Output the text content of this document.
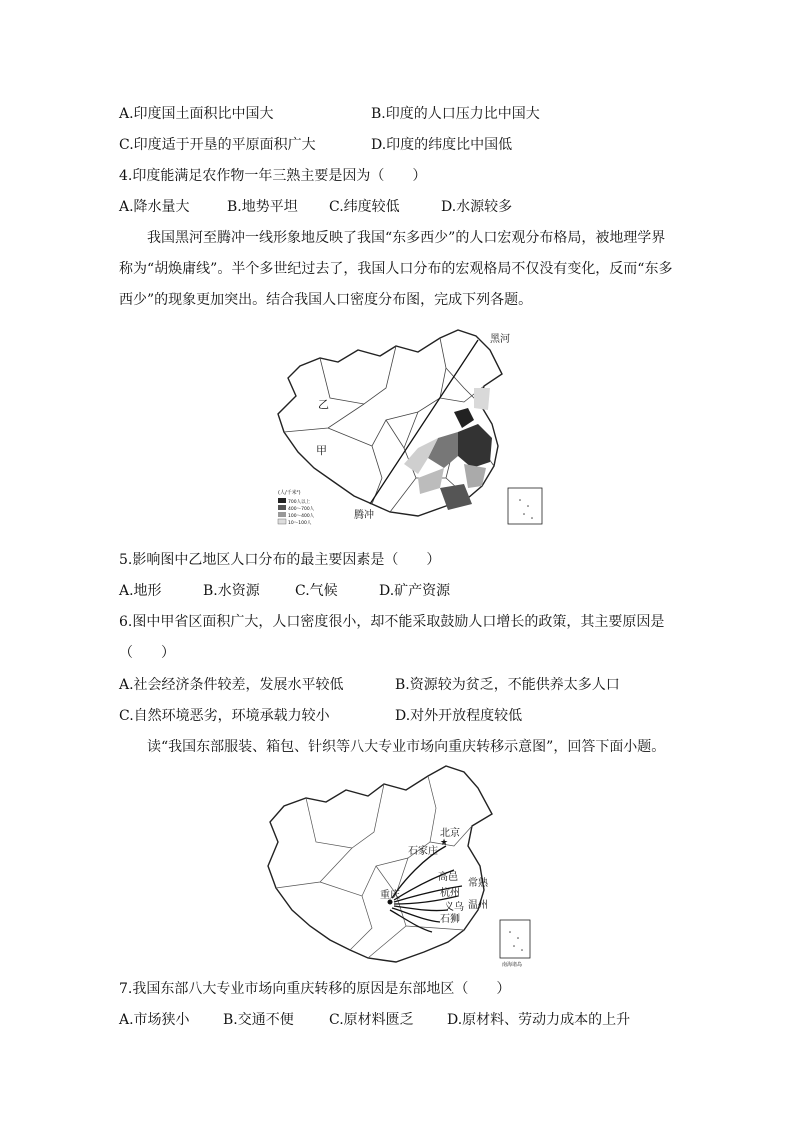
A.印度国土面积比中国大	B.印度的人口压力比中国大
C.印度适于开垦的平原面积广大	D.印度的纬度比中国低
4.印度能满足农作物一年三熟主要是因为（　　）
A.降水量大	B.地势平坦 C.纬度较低	D.水源较多
我国黑河至腾冲一线形象地反映了我国“东多西少”的人口宏观分布格局，被地理学界称为“胡焕庸线”。半个多世纪过去了，我国人口分布的宏观格局不仅没有变化，反而“东多西少”的现象更加突出。结合我国人口密度分布图，完成下列各题。
黑河
腾冲
乙
甲
(人/千米²)
700人以上
400～700人
100～400人
10～100人
5.影响图中乙地区人口分布的最主要因素是（　　）
A.地形	B.水资源	C.气候	D.矿产资源
6.图中甲省区面积广大，人口密度很小，却不能采取鼓励人口增长的政策，其主要原因是
（　　）
A.社会经济条件较差，发展水平较低	B.资源较为贫乏，不能供养太多人口
C.自然环境恶劣，环境承载力较小	D.对外开放程度较低
读“我国东部服装、箱包、针织等八大专业市场向重庆转移示意图”，回答下面小题。
★
北京
石家庄
高邑
常熟
杭州
义乌 温州
重庆
石狮
南海诸岛
7.我国东部八大专业市场向重庆转移的原因是东部地区（　　）
A.市场狭小 B.交通不便	C.原材料匮乏 D.原材料、劳动力成本的上升
